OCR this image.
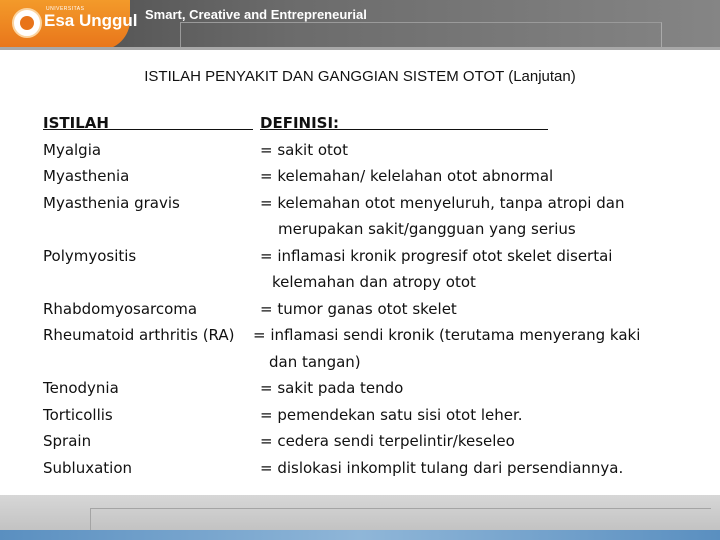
UNIVERSITAS
Esa Unggul Smart, Creative and Entrepreneurial
ISTILAH PENYAKIT DAN GANGGIAN SISTEM OTOT (Lanjutan)
ISTILAH	DEFINISI:
Myalgia	= sakit otot
Myasthenia	= kelemahan/ kelelahan otot abnormal
Myasthenia gravis	= kelemahan otot menyeluruh, tanpa atropi dan
merupakan sakit/gangguan yang serius
Polymyositis	= inflamasi kronik progresif otot skelet disertai
kelemahan dan atropy otot
Rhabdomyosarcoma	= tumor ganas otot skelet
Rheumatoid arthritis (RA) = inflamasi sendi kronik (terutama menyerang kaki
dan tangan)
Tenodynia	= sakit pada tendo
Torticollis	= pemendekan satu sisi otot leher.
Sprain	= cedera sendi terpelintir/keseleo
Subluxation	= dislokasi inkomplit tulang dari persendiannya.
